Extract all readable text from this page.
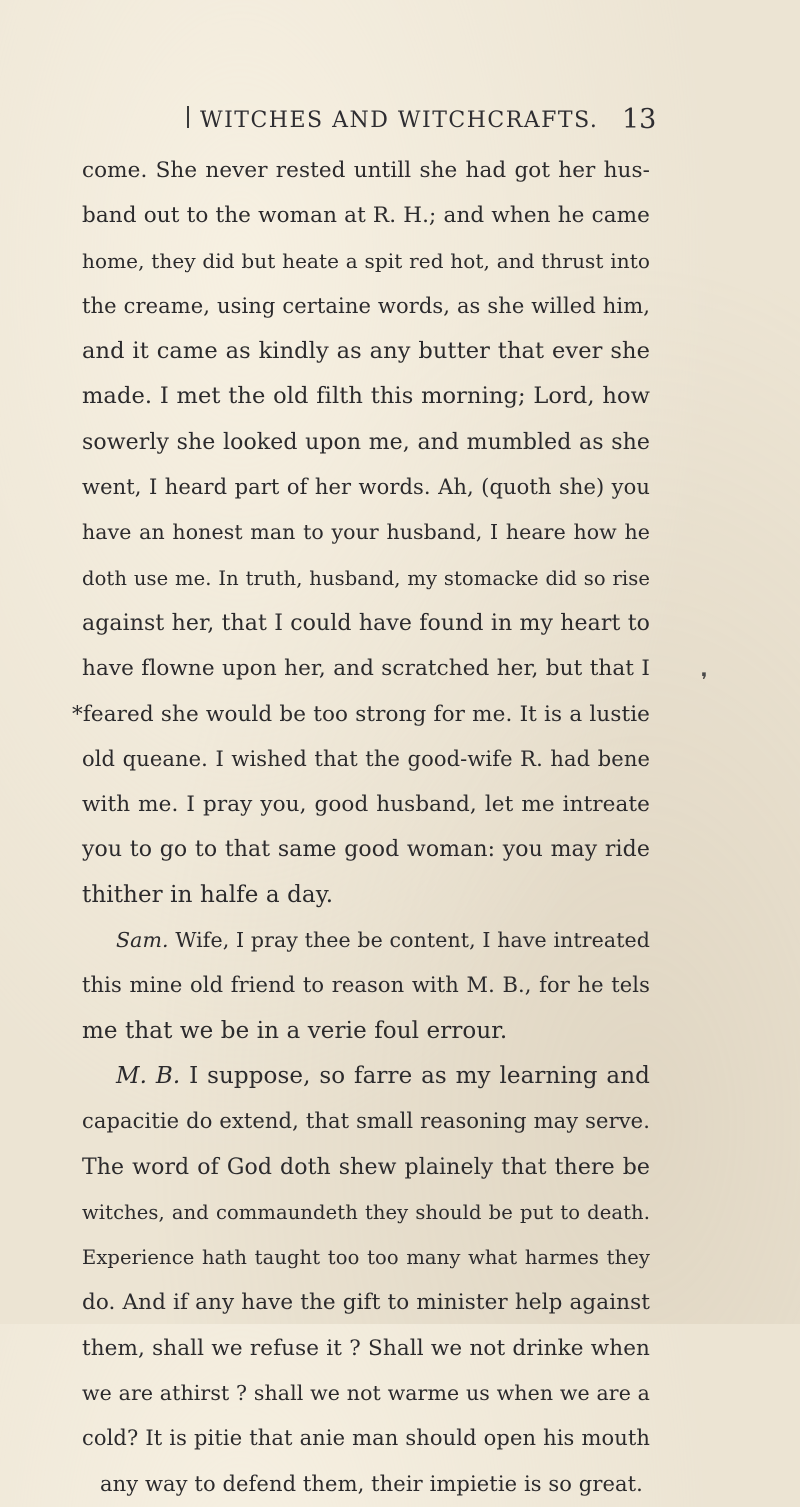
WITCHES AND WITCHCRAFTS. 13
come. She never rested untill she had got her hus-
band out to the woman at R. H.; and when he came
home, they did but heate a spit red hot, and thrust into
the creame, using certaine words, as she willed him,
and it came as kindly as any butter that ever she
made. I met the old filth this morning; Lord, how
sowerly she looked upon me, and mumbled as she
went, I heard part of her words. Ah, (quoth she) you
have an honest man to your husband, I heare how he
doth use me. In truth, husband, my stomacke did so rise
against her, that I could have found in my heart to
have flowne upon her, and scratched her, but that I
*feared she would be too strong for me. It is a lustie
old queane. I wished that the good-wife R. had bene
with me. I pray you, good husband, let me intreate
you to go to that same good woman: you may ride
thither in halfe a day.
Sam. Wife, I pray thee be content, I have intreated
this mine old friend to reason with M. B., for he tels
me that we be in a verie foul errour.
M. B. I suppose, so farre as my learning and
capacitie do extend, that small reasoning may serve.
The word of God doth shew plainely that there be
witches, and commaundeth they should be put to death.
Experience hath taught too too many what harmes they
do. And if any have the gift to minister help against
them, shall we refuse it ? Shall we not drinke when
we are athirst ? shall we not warme us when we are a
cold? It is pitie that anie man should open his mouth
any way to defend them, their impietie is so great.
❜
